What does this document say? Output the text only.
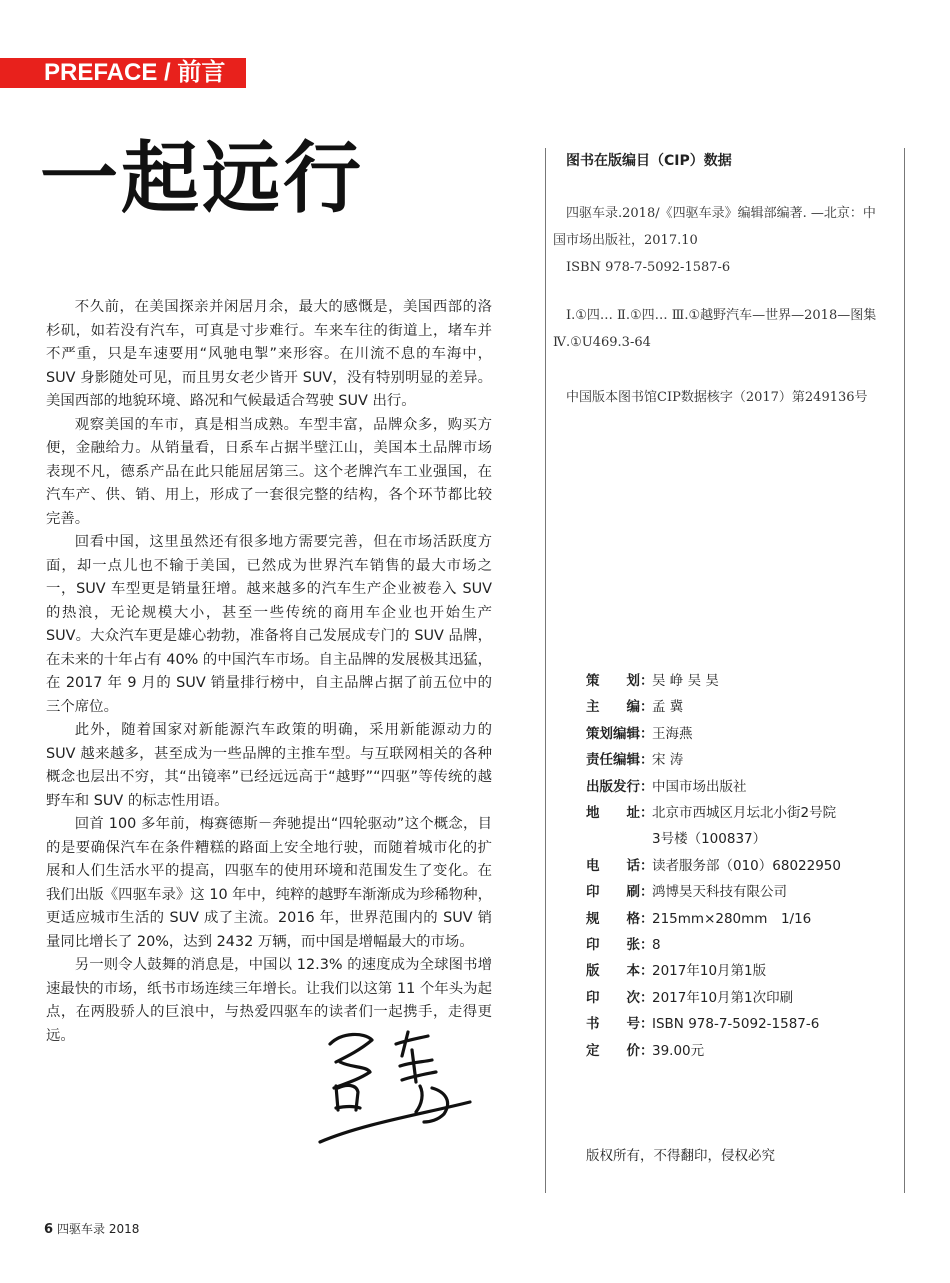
PREFACE / 前言
一起远行

不久前，在美国探亲并闲居月余，最大的感慨是，美国西部的洛杉矶，如若没有汽车，可真是寸步难行。车来车往的街道上，堵车并不严重，只是车速要用“风驰电掣”来形容。在川流不息的车海中，SUV 身影随处可见，而且男女老少皆开 SUV，没有特别明显的差异。美国西部的地貌环境、路况和气候最适合驾驶 SUV 出行。

观察美国的车市，真是相当成熟。车型丰富，品牌众多，购买方便，金融给力。从销量看，日系车占据半壁江山，美国本土品牌市场表现不凡，德系产品在此只能屈居第三。这个老牌汽车工业强国，在汽车产、供、销、用上，形成了一套很完整的结构，各个环节都比较完善。

回看中国，这里虽然还有很多地方需要完善，但在市场活跃度方面，却一点儿也不输于美国，已然成为世界汽车销售的最大市场之一，SUV 车型更是销量狂增。越来越多的汽车生产企业被卷入 SUV 的热浪，无论规模大小，甚至一些传统的商用车企业也开始生产 SUV。大众汽车更是雄心勃勃，准备将自己发展成专门的 SUV 品牌，在未来的十年占有 40% 的中国汽车市场。自主品牌的发展极其迅猛，在 2017 年 9 月的 SUV 销量排行榜中，自主品牌占据了前五位中的三个席位。

此外，随着国家对新能源汽车政策的明确，采用新能源动力的 SUV 越来越多，甚至成为一些品牌的主推车型。与互联网相关的各种概念也层出不穷，其“出镜率”已经远远高于“越野”“四驱”等传统的越野车和 SUV 的标志性用语。

回首 100 多年前，梅赛德斯－奔驰提出“四轮驱动”这个概念，目的是要确保汽车在条件糟糕的路面上安全地行驶，而随着城市化的扩展和人们生活水平的提高，四驱车的使用环境和范围发生了变化。在我们出版《四驱车录》这 10 年中，纯粹的越野车渐渐成为珍稀物种，更适应城市生活的 SUV 成了主流。2016 年，世界范围内的 SUV 销量同比增长了 20%，达到 2432 万辆，而中国是增幅最大的市场。

另一则令人鼓舞的消息是，中国以 12.3% 的速度成为全球图书增速最快的市场，纸书市场连续三年增长。让我们以这第 11 个年头为起点，在两股骄人的巨浪中，与热爱四驱车的读者们一起携手，走得更远。

图书在版编目（CIP）数据

四驱车录.2018/《四驱车录》编辑部编著. —北京：中

国市场出版社，2017.10

ISBN 978-7-5092-1587-6

Ⅰ.①四… Ⅱ.①四… Ⅲ.①越野汽车—世界—2018—图集

Ⅳ.①U469.3-64

中国版本图书馆CIP数据核字（2017）第249136号

策　　划：
吴 峥 吴 昊
主　　编：
孟 冀
策划编辑：
王海燕
责任编辑：
宋 涛
出版发行：
中国市场出版社
地　　址：
北京市西城区月坛北小街2号院
3号楼（100837）
电　　话：
读者服务部（010）68022950
印　　刷：
鸿博昊天科技有限公司
规　　格：
215mm×280mm　1/16
印　　张：
8
版　　本：
2017年10月第1版
印　　次：
2017年10月第1次印刷
书　　号：
ISBN 978-7-5092-1587-6
定　　价：
39.00元
版权所有，不得翻印，侵权必究
6 四驱车录 2018
